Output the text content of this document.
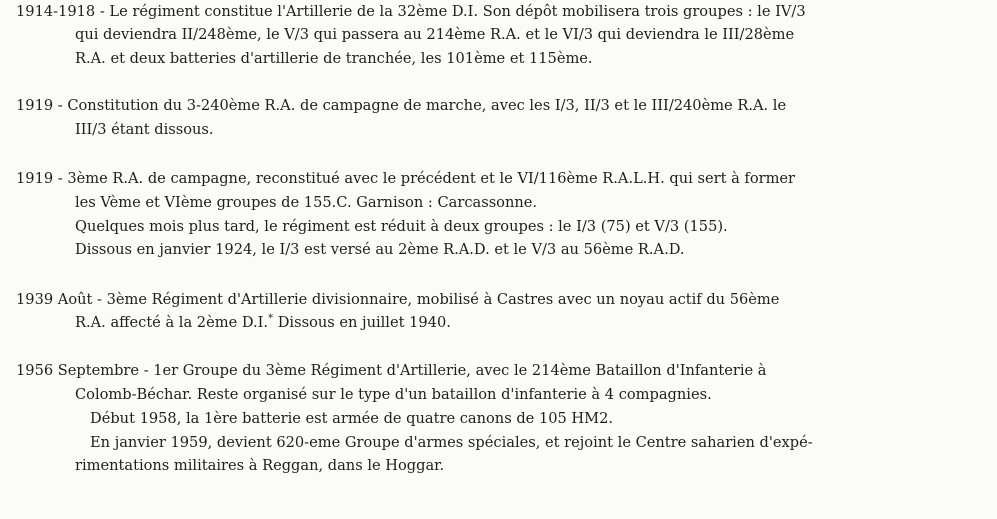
1914-1918 - Le régiment constitue l'Artillerie de la 32ème D.I. Son dépôt mobilisera trois groupes : le IV/3
qui deviendra II/248ème, le V/3 qui passera au 214ème R.A. et le VI/3 qui deviendra le III/28ème
R.A. et deux batteries d'artillerie de tranchée, les 101ème et 115ème.
1919 - Constitution du 3-240ème R.A. de campagne de marche, avec les I/3, II/3 et le III/240ème R.A. le
III/3 étant dissous.
1919 - 3ème R.A. de campagne, reconstitué avec le précédent et le VI/116ème R.A.L.H. qui sert à former
les Vème et VIème groupes de 155.C. Garnison : Carcassonne.
Quelques mois plus tard, le régiment est réduit à deux groupes : le I/3 (75) et V/3 (155).
Dissous en janvier 1924, le I/3 est versé au 2ème R.A.D. et le V/3 au 56ème R.A.D.
1939 Août - 3ème Régiment d'Artillerie divisionnaire, mobilisé à Castres avec un noyau actif du 56ème
R.A. affecté à la 2ème D.I.* Dissous en juillet 1940.
1956 Septembre - 1er Groupe du 3ème Régiment d'Artillerie, avec le 214ème Bataillon d'Infanterie à
Colomb-Béchar. Reste organisé sur le type d'un bataillon d'infanterie à 4 compagnies.
Début 1958, la 1ère batterie est armée de quatre canons de 105 HM2.
En janvier 1959, devient 620-eme Groupe d'armes spéciales, et rejoint le Centre saharien d'expé-
rimentations militaires à Reggan, dans le Hoggar.
